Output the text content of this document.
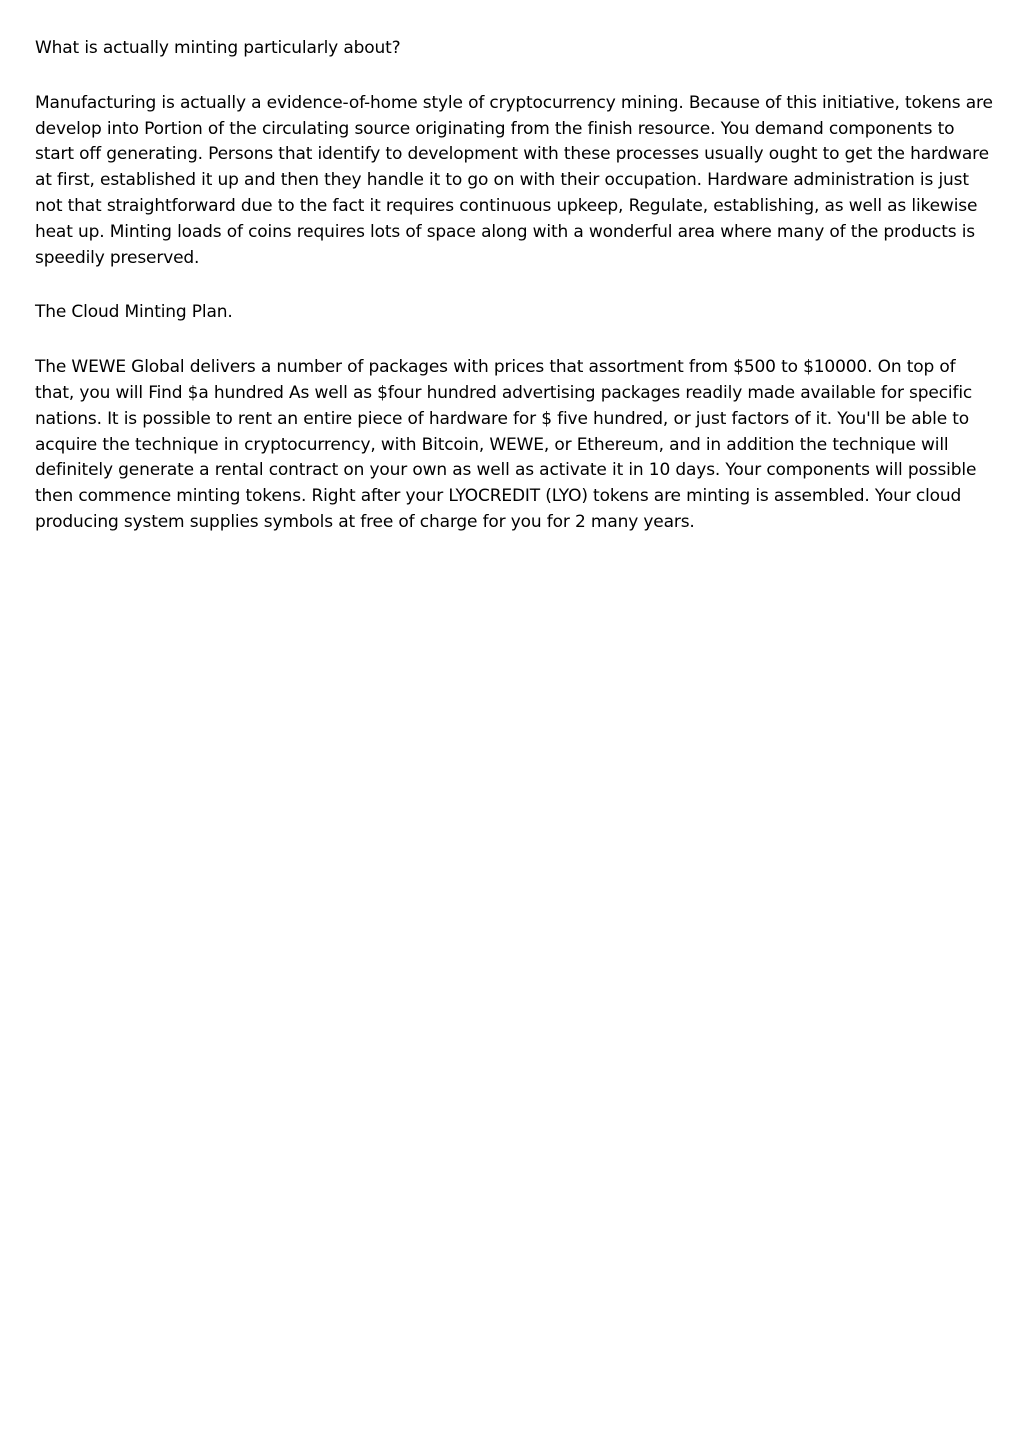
What is actually minting particularly about?

Manufacturing is actually a evidence-of-home style of cryptocurrency mining. Because of this initiative, tokens are develop into Portion of the circulating source originating from the finish resource. You demand components to start off generating. Persons that identify to development with these processes usually ought to get the hardware at first, established it up and then they handle it to go on with their occupation. Hardware administration is just not that straightforward due to the fact it requires continuous upkeep, Regulate, establishing, as well as likewise heat up. Minting loads of coins requires lots of space along with a wonderful area where many of the products is speedily preserved.

The Cloud Minting Plan.

The WEWE Global delivers a number of packages with prices that assortment from $500 to $10000. On top of that, you will Find $a hundred As well as $four hundred advertising packages readily made available for specific nations. It is possible to rent an entire piece of hardware for $ five hundred, or just factors of it. You'll be able to acquire the technique in cryptocurrency, with Bitcoin, WEWE, or Ethereum, and in addition the technique will definitely generate a rental contract on your own as well as activate it in 10 days. Your components will possible then commence minting tokens. Right after your LYOCREDIT (LYO) tokens are minting is assembled. Your cloud producing system supplies symbols at free of charge for you for 2 many years.
